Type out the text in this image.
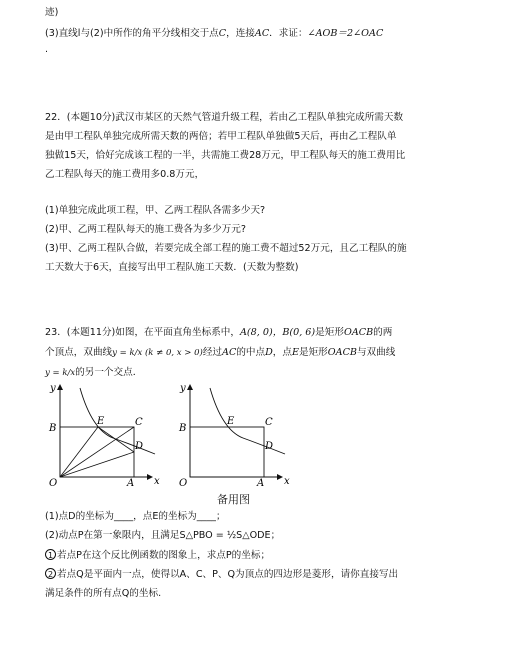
迹)
(3)直线l与(2)中所作的角平分线相交于点C，连接AC．求证：∠AOB＝2∠OAC
.
22．(本题10分)武汉市某区的天然气管道升级工程，若由乙工程队单独完成所需天数
是由甲工程队单独完成所需天数的两倍；若甲工程队单独做5天后，再由乙工程队单
独做15天，恰好完成该工程的一半，共需施工费28万元，甲工程队每天的施工费用比
乙工程队每天的施工费用多0.8万元，
(1)单独完成此项工程，甲、乙两工程队各需多少天?
(2)甲、乙两工程队每天的施工费各为多少万元?
(3)甲、乙两工程队合做，若要完成全部工程的施工费不超过52万元，且乙工程队的施
工天数大于6天，直接写出甲工程队施工天数．(天数为整数)
23．(本题11分)如图，在平面直角坐标系中，A(8, 0)，B(0, 6)是矩形OACB的两
个顶点，双曲线y = k/x (k ≠ 0, x > 0)经过AC的中点D，点E是矩形OACB与双曲线
y = k/x的另一个交点．
y
x
O	A
B
C
E
D
y
x
O	A
B
C
E
D
备用图
(1)点D的坐标为____，点E的坐标为____；
(2)动点P在第一象限内，且满足S△PBO = ½S△ODE；
1 若点P在这个反比例函数的图象上，求点P的坐标；
2 若点Q是平面内一点，使得以A、C、P、Q为顶点的四边形是菱形，请你直接写出
满足条件的所有点Q的坐标.
